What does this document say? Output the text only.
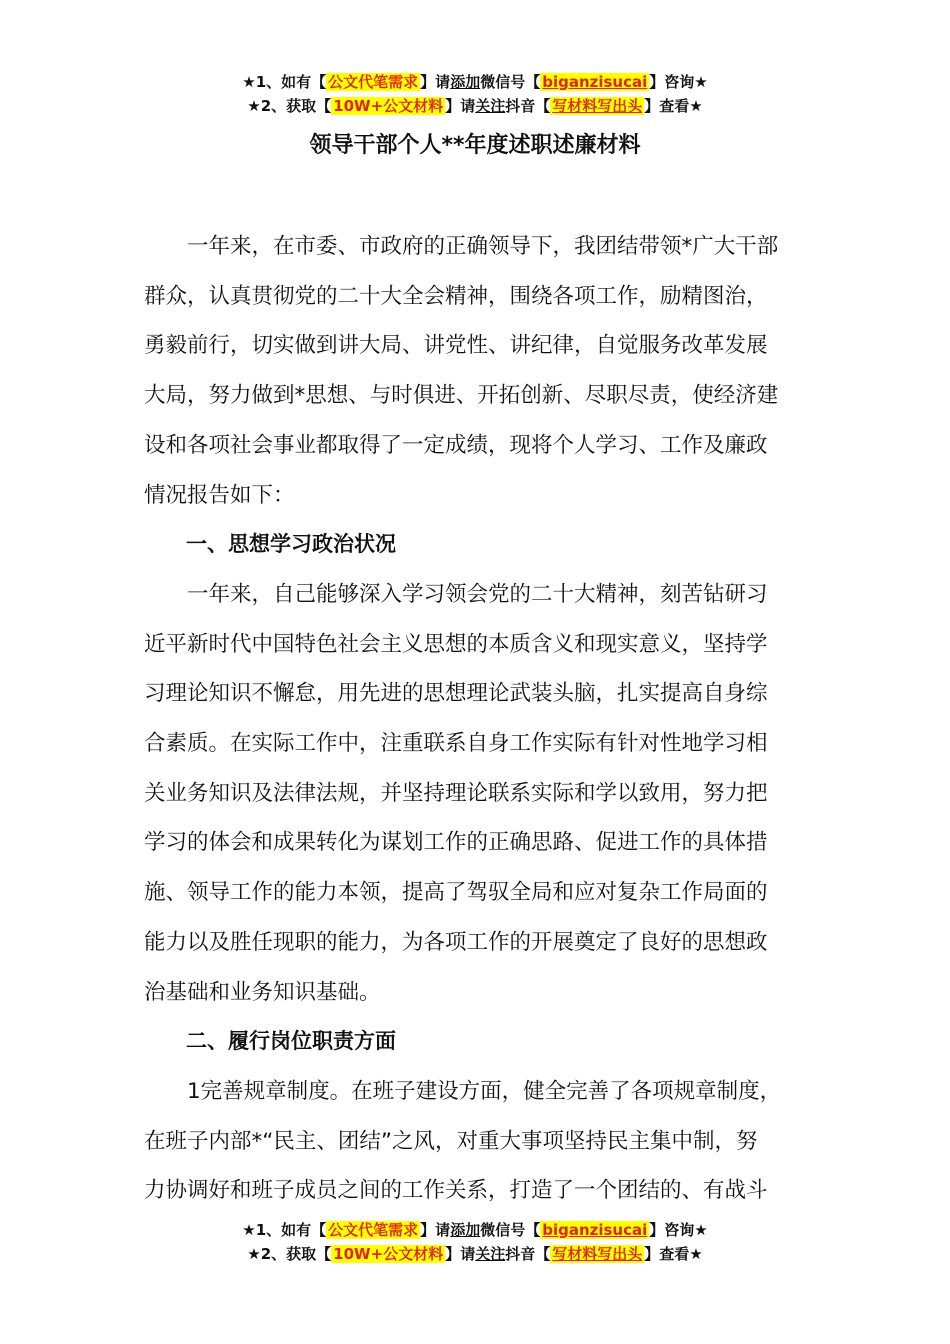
★1、如有【 公文代笔需求 】请添加微信号【 biganzisucai 】咨询★
★2、获取【 10W+公文材料 】请关注抖音【 写材料写出头 】查看★
领导干部个人**年度述职述廉材料

一年来，在市委、市政府的正确领导下，我团结带领*广大干部
群众，认真贯彻党的二十大全会精神，围绕各项工作，励精图治，
勇毅前行，切实做到讲大局、讲党性、讲纪律，自觉服务改革发展
大局，努力做到*思想、与时俱进、开拓创新、尽职尽责，使经济建
设和各项社会事业都取得了一定成绩，现将个人学习、工作及廉政
情况报告如下：

一、思想学习政治状况

一年来，自己能够深入学习领会党的二十大精神，刻苦钻研习
近平新时代中国特色社会主义思想的本质含义和现实意义，坚持学
习理论知识不懈怠，用先进的思想理论武装头脑，扎实提高自身综
合素质。在实际工作中，注重联系自身工作实际有针对性地学习相
关业务知识及法律法规，并坚持理论联系实际和学以致用，努力把
学习的体会和成果转化为谋划工作的正确思路、促进工作的具体措
施、领导工作的能力本领，提高了驾驭全局和应对复杂工作局面的
能力以及胜任现职的能力，为各项工作的开展奠定了良好的思想政
治基础和业务知识基础。

二、履行岗位职责方面

1完善规章制度。在班子建设方面，健全完善了各项规章制度，
在班子内部*“民主、团结”之风，对重大事项坚持民主集中制，努
力协调好和班子成员之间的工作关系，打造了一个团结的、有战斗

★1、如有【 公文代笔需求 】请添加微信号【 biganzisucai 】咨询★
★2、获取【 10W+公文材料 】请关注抖音【 写材料写出头 】查看★
